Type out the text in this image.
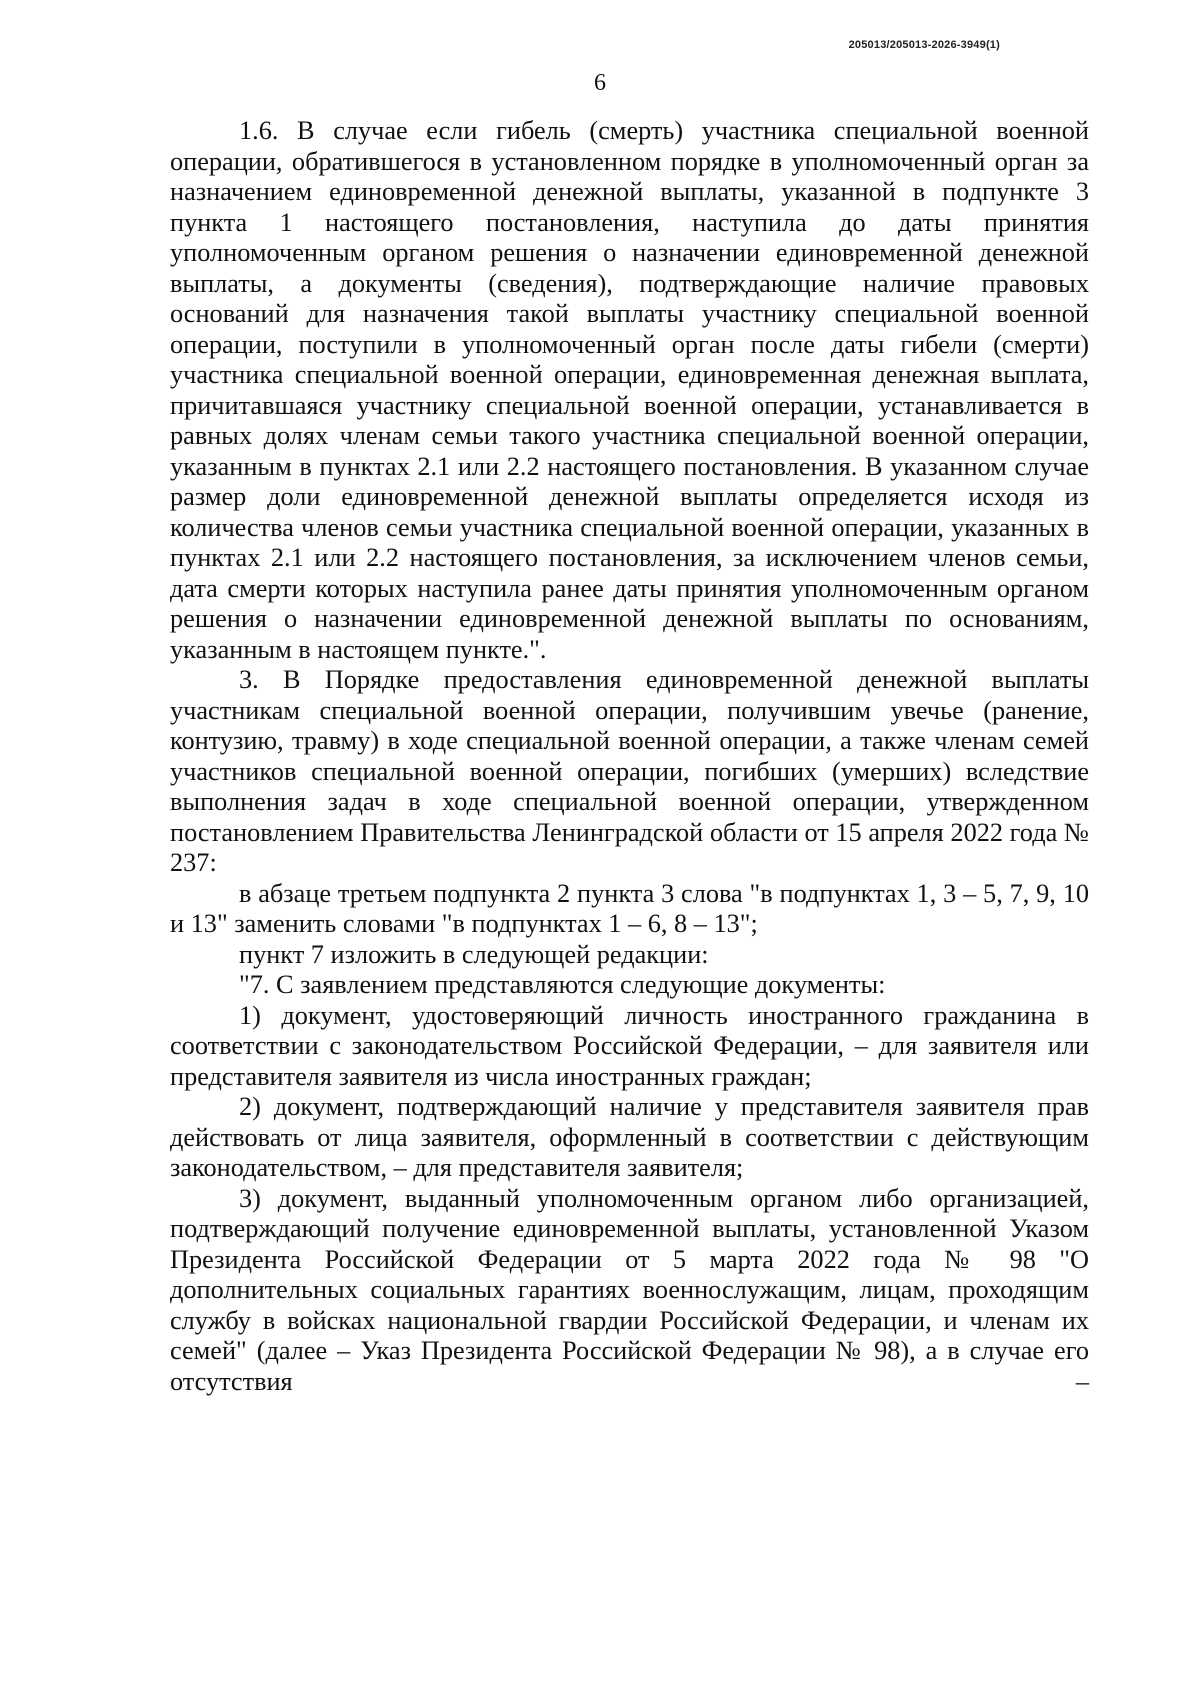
205013/205013-2026-3949(1)
6

1.6. В случае если гибель (смерть) участника специальной военной операции, обратившегося в установленном порядке в уполномоченный орган за назначением единовременной денежной выплаты, указанной в подпункте 3 пункта 1 настоящего постановления, наступила до даты принятия уполномоченным органом решения о назначении единовременной денежной выплаты, а документы (сведения), подтверждающие наличие правовых оснований для назначения такой выплаты участнику специальной военной операции, поступили в уполномоченный орган после даты гибели (смерти) участника специальной военной операции, единовременная денежная выплата, причитавшаяся участнику специальной военной операции, устанавливается в равных долях членам семьи такого участника специальной военной операции, указанным в пунктах 2.1 или 2.2 настоящего постановления. В указанном случае размер доли единовременной денежной выплаты определяется исходя из количества членов семьи участника специальной военной операции, указанных в пунктах 2.1 или 2.2 настоящего постановления, за исключением членов семьи, дата смерти которых наступила ранее даты принятия уполномоченным органом решения о назначении единовременной денежной выплаты по основаниям, указанным в настоящем пункте.".

3. В Порядке предоставления единовременной денежной выплаты участникам специальной военной операции, получившим увечье (ранение, контузию, травму) в ходе специальной военной операции, а также членам семей участников специальной военной операции, погибших (умерших) вследствие выполнения задач в ходе специальной военной операции, утвержденном постановлением Правительства Ленинградской области от 15 апреля 2022 года № 237:

в абзаце третьем подпункта 2 пункта 3 слова "в подпунктах 1, 3 – 5, 7, 9, 10 и 13" заменить словами "в подпунктах 1 – 6, 8 – 13";

пункт 7 изложить в следующей редакции:

"7. С заявлением представляются следующие документы:

1) документ, удостоверяющий личность иностранного гражданина в соответствии с законодательством Российской Федерации, – для заявителя или представителя заявителя из числа иностранных граждан;

2) документ, подтверждающий наличие у представителя заявителя прав действовать от лица заявителя, оформленный в соответствии с действующим законодательством, – для представителя заявителя;

3) документ, выданный уполномоченным органом либо организацией, подтверждающий получение единовременной выплаты, установленной Указом Президента Российской Федерации от 5 марта 2022 года № 98 "О дополнительных социальных гарантиях военнослужащим, лицам, проходящим службу в войсках национальной гвардии Российской Федерации, и членам их семей" (далее – Указ Президента Российской Федерации № 98), а в случае его отсутствия –
